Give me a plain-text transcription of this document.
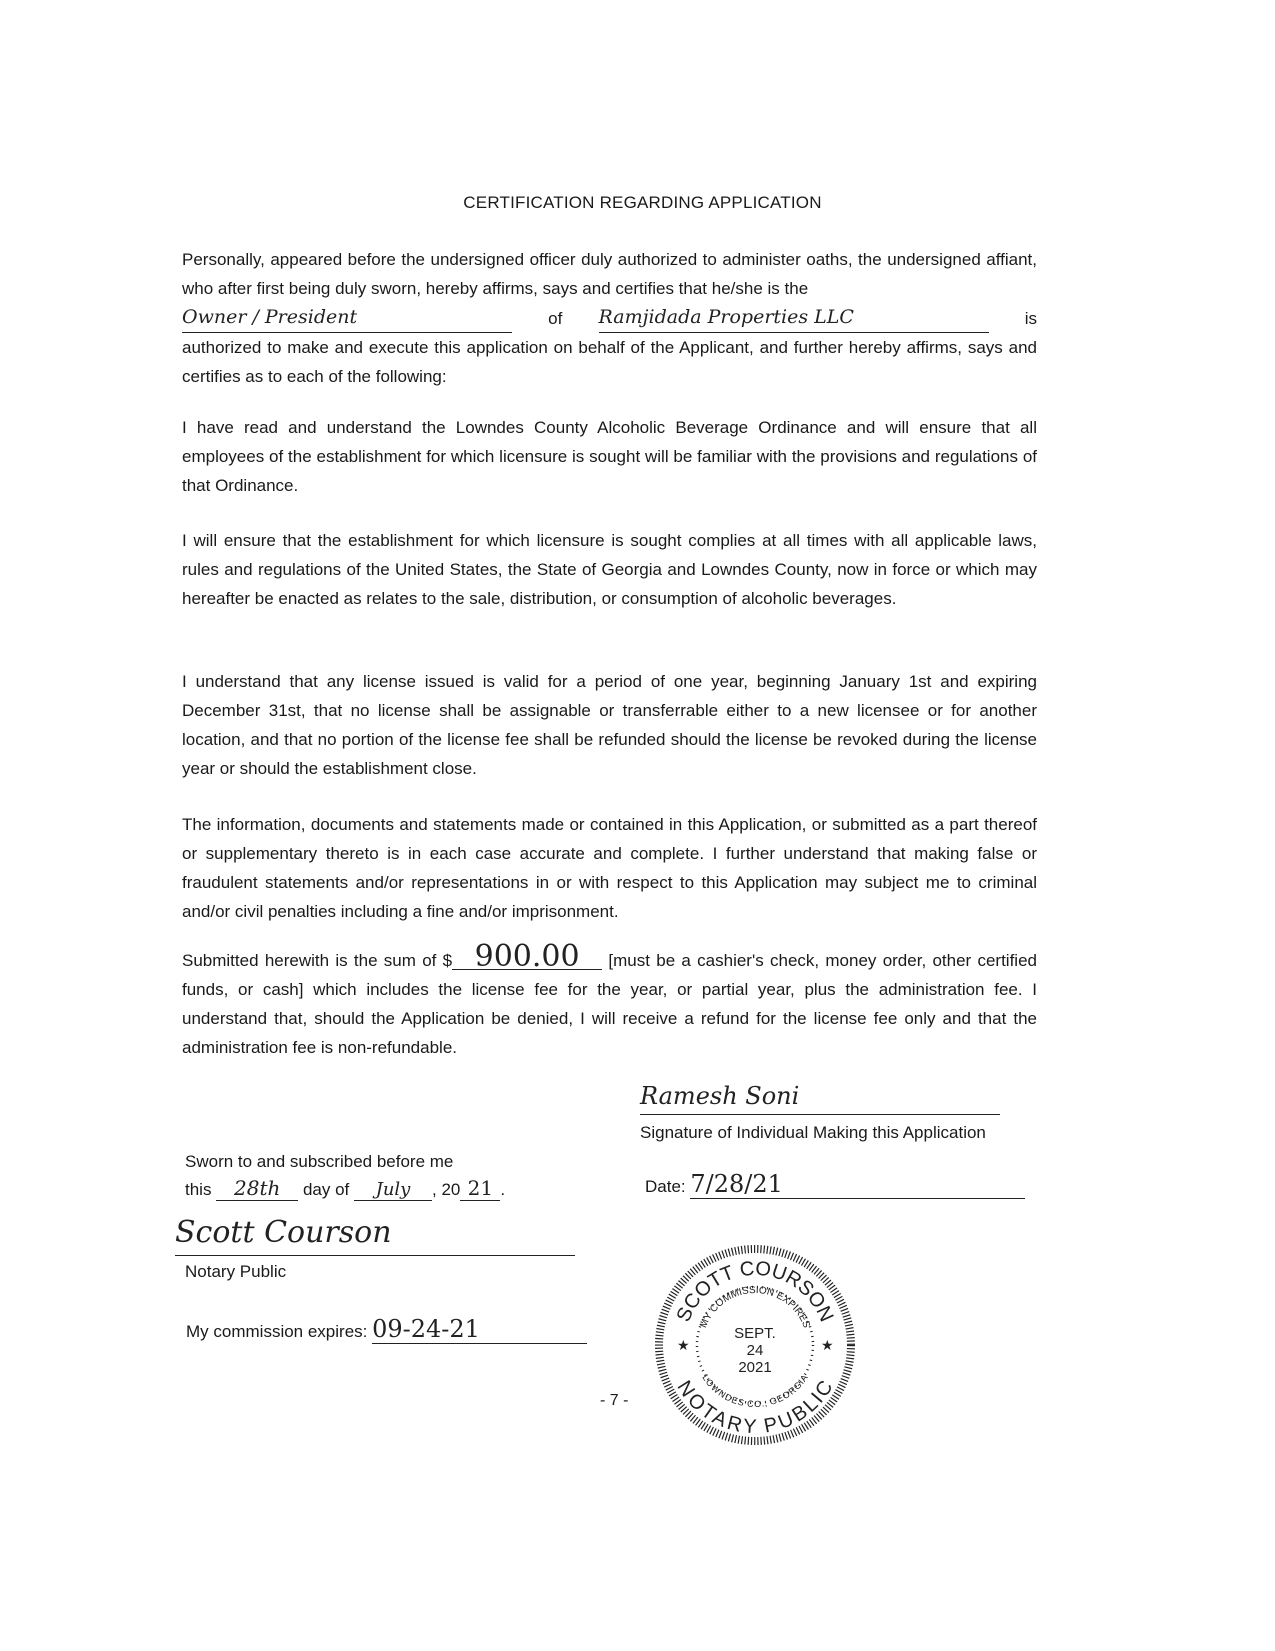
CERTIFICATION REGARDING APPLICATION
Personally, appeared before the undersigned officer duly authorized to administer oaths, the undersigned affiant, who after first being duly sworn, hereby affirms, says and certifies that he/she is the
Owner / President	of Ramjidada Properties LLC	is
authorized to make and execute this application on behalf of the Applicant, and further hereby affirms, says and certifies as to each of the following:
I have read and understand the Lowndes County Alcoholic Beverage Ordinance and will ensure that all employees of the establishment for which licensure is sought will be familiar with the provisions and regulations of that Ordinance.
I will ensure that the establishment for which licensure is sought complies at all times with all applicable laws, rules and regulations of the United States, the State of Georgia and Lowndes County, now in force or which may hereafter be enacted as relates to the sale, distribution, or consumption of alcoholic beverages.
I understand that any license issued is valid for a period of one year, beginning January 1st and expiring December 31st, that no license shall be assignable or transferrable either to a new licensee or for another location, and that no portion of the license fee shall be refunded should the license be revoked during the license year or should the establishment close.
The information, documents and statements made or contained in this Application, or submitted as a part thereof or supplementary thereto is in each case accurate and complete. I further understand that making false or fraudulent statements and/or representations in or with respect to this Application may subject me to criminal and/or civil penalties including a fine and/or imprisonment.
Submitted herewith is the sum of $ 900.00 [must be a cashier's check, money order, other certified funds, or cash] which includes the license fee for the year, or partial year, plus the administration fee. I understand that, should the Application be denied, I will receive a refund for the license fee only and that the administration fee is non-refundable.
Ramesh Soni
Signature of Individual Making this Application
Date: 7/28/21
Sworn to and subscribed before me
this 28th day of July , 20 21 .
Scott Courson
Notary Public
My commission expires: 09-24-21
SCOTT COURSON
NOTARY PUBLIC
MY COMMISSION EXPIRES
LOWNDES CO., GEORGIA
SEPT.
24
2021
★	★
- 7 -
